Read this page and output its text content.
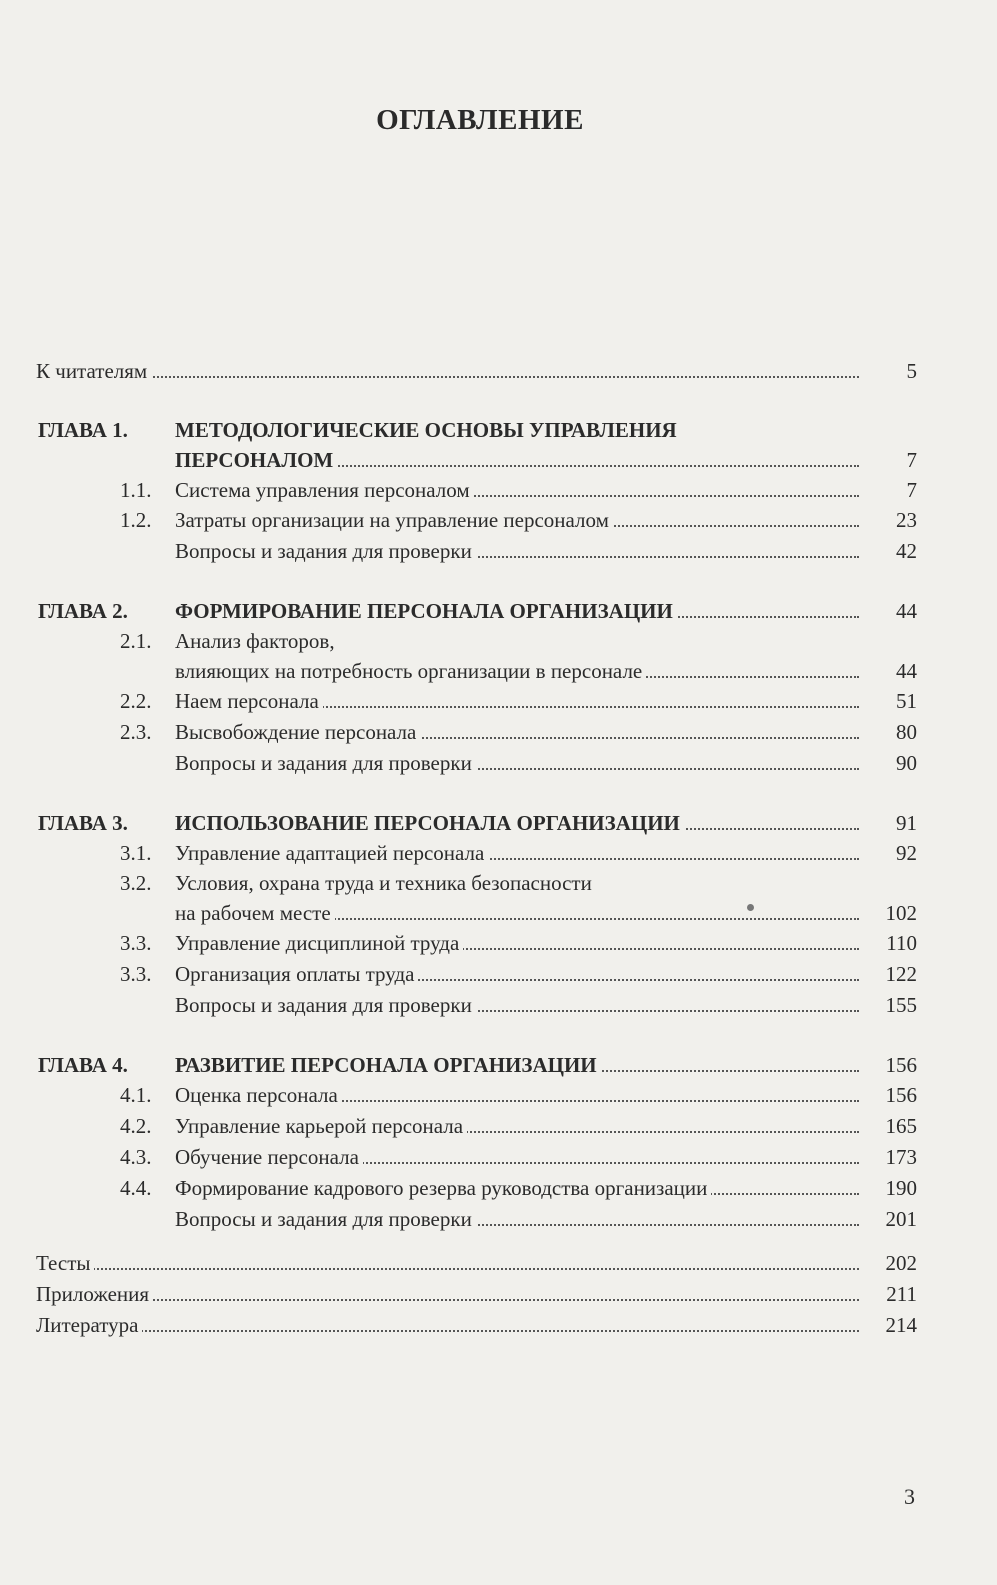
ОГЛАВЛЕНИЕ
К читателям	5
ГЛАВА 1. МЕТОДОЛОГИЧЕСКИЕ ОСНОВЫ УПРАВЛЕНИЯ
ПЕРСОНАЛОМ	7
1.1. Система управления персоналом	7
1.2. Затраты организации на управление персоналом	23
Вопросы и задания для проверки	42
ГЛАВА 2. ФОРМИРОВАНИЕ ПЕРСОНАЛА ОРГАНИЗАЦИИ	44
2.1. Анализ факторов,
влияющих на потребность организации в персонале	44
2.2. Наем персонала	51
2.3. Высвобождение персонала	80
Вопросы и задания для проверки	90
ГЛАВА 3. ИСПОЛЬЗОВАНИЕ ПЕРСОНАЛА ОРГАНИЗАЦИИ	91
3.1. Управление адаптацией персонала	92
3.2. Условия, охрана труда и техника безопасности
на рабочем месте	102
3.3. Управление дисциплиной труда	110
3.3. Организация оплаты труда	122
Вопросы и задания для проверки	155
ГЛАВА 4. РАЗВИТИЕ ПЕРСОНАЛА ОРГАНИЗАЦИИ	156
4.1. Оценка персонала	156
4.2. Управление карьерой персонала	165
4.3. Обучение персонала	173
4.4. Формирование кадрового резерва руководства организации	190
Вопросы и задания для проверки	201
Тесты	202
Приложения	211
Литература	214
3
